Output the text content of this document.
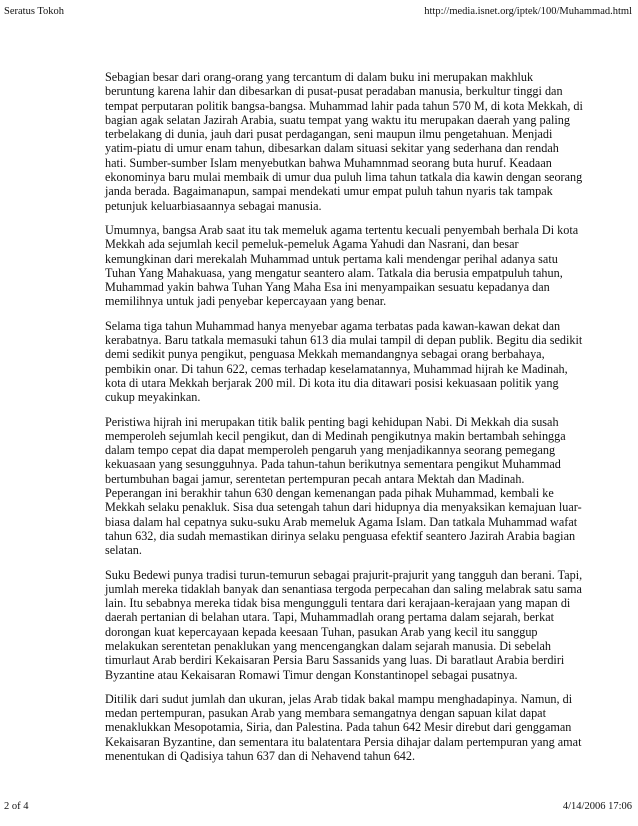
Seratus Tokoh	http://media.isnet.org/iptek/100/Muhammad.html

Sebagian besar dari orang-orang yang tercantum di dalam buku ini merupakan makhluk beruntung karena lahir dan dibesarkan di pusat-pusat peradaban manusia, berkultur tinggi dan tempat perputaran politik bangsa-bangsa. Muhammad lahir pada tahun 570 M, di kota Mekkah, di bagian agak selatan Jazirah Arabia, suatu tempat yang waktu itu merupakan daerah yang paling terbelakang di dunia, jauh dari pusat perdagangan, seni maupun ilmu pengetahuan. Menjadi yatim-piatu di umur enam tahun, dibesarkan dalam situasi sekitar yang sederhana dan rendah hati. Sumber-sumber Islam menyebutkan bahwa Muhamnmad seorang buta huruf. Keadaan ekonominya baru mulai membaik di umur dua puluh lima tahun tatkala dia kawin dengan seorang janda berada. Bagaimanapun, sampai mendekati umur empat puluh tahun nyaris tak tampak petunjuk keluarbiasaannya sebagai manusia.

Umumnya, bangsa Arab saat itu tak memeluk agama tertentu kecuali penyembah berhala Di kota Mekkah ada sejumlah kecil pemeluk-pemeluk Agama Yahudi dan Nasrani, dan besar kemungkinan dari merekalah Muhammad untuk pertama kali mendengar perihal adanya satu Tuhan Yang Mahakuasa, yang mengatur seantero alam. Tatkala dia berusia empatpuluh tahun, Muhammad yakin bahwa Tuhan Yang Maha Esa ini menyampaikan sesuatu kepadanya dan memilihnya untuk jadi penyebar kepercayaan yang benar.

Selama tiga tahun Muhammad hanya menyebar agama terbatas pada kawan-kawan dekat dan kerabatnya. Baru tatkala memasuki tahun 613 dia mulai tampil di depan publik. Begitu dia sedikit demi sedikit punya pengikut, penguasa Mekkah memandangnya sebagai orang berbahaya, pembikin onar. Di tahun 622, cemas terhadap keselamatannya, Muhammad hijrah ke Madinah, kota di utara Mekkah berjarak 200 mil. Di kota itu dia ditawari posisi kekuasaan politik yang cukup meyakinkan.

Peristiwa hijrah ini merupakan titik balik penting bagi kehidupan Nabi. Di Mekkah dia susah memperoleh sejumlah kecil pengikut, dan di Medinah pengikutnya makin bertambah sehingga dalam tempo cepat dia dapat memperoleh pengaruh yang menjadikannya seorang pemegang kekuasaan yang sesungguhnya. Pada tahun-tahun berikutnya sementara pengikut Muhammad bertumbuhan bagai jamur, serentetan pertempuran pecah antara Mektah dan Madinah. Peperangan ini berakhir tahun 630 dengan kemenangan pada pihak Muhammad, kembali ke Mekkah selaku penakluk. Sisa dua setengah tahun dari hidupnya dia menyaksikan kemajuan luar-biasa dalam hal cepatnya suku-suku Arab memeluk Agama Islam. Dan tatkala Muhammad wafat tahun 632, dia sudah memastikan dirinya selaku penguasa efektif seantero Jazirah Arabia bagian selatan.

Suku Bedewi punya tradisi turun-temurun sebagai prajurit-prajurit yang tangguh dan berani. Tapi, jumlah mereka tidaklah banyak dan senantiasa tergoda perpecahan dan saling melabrak satu sama lain. Itu sebabnya mereka tidak bisa mengungguli tentara dari kerajaan-kerajaan yang mapan di daerah pertanian di belahan utara. Tapi, Muhammadlah orang pertama dalam sejarah, berkat dorongan kuat kepercayaan kepada keesaan Tuhan, pasukan Arab yang kecil itu sanggup melakukan serentetan penaklukan yang mencengangkan dalam sejarah manusia. Di sebelah timurlaut Arab berdiri Kekaisaran Persia Baru Sassanids yang luas. Di baratlaut Arabia berdiri Byzantine atau Kekaisaran Romawi Timur dengan Konstantinopel sebagai pusatnya.

Ditilik dari sudut jumlah dan ukuran, jelas Arab tidak bakal mampu menghadapinya. Namun, di medan pertempuran, pasukan Arab yang membara semangatnya dengan sapuan kilat dapat menaklukkan Mesopotamia, Siria, dan Palestina. Pada tahun 642 Mesir direbut dari genggaman Kekaisaran Byzantine, dan sementara itu balatentara Persia dihajar dalam pertempuran yang amat menentukan di Qadisiya tahun 637 dan di Nehavend tahun 642.

2 of 4	4/14/2006 17:06
